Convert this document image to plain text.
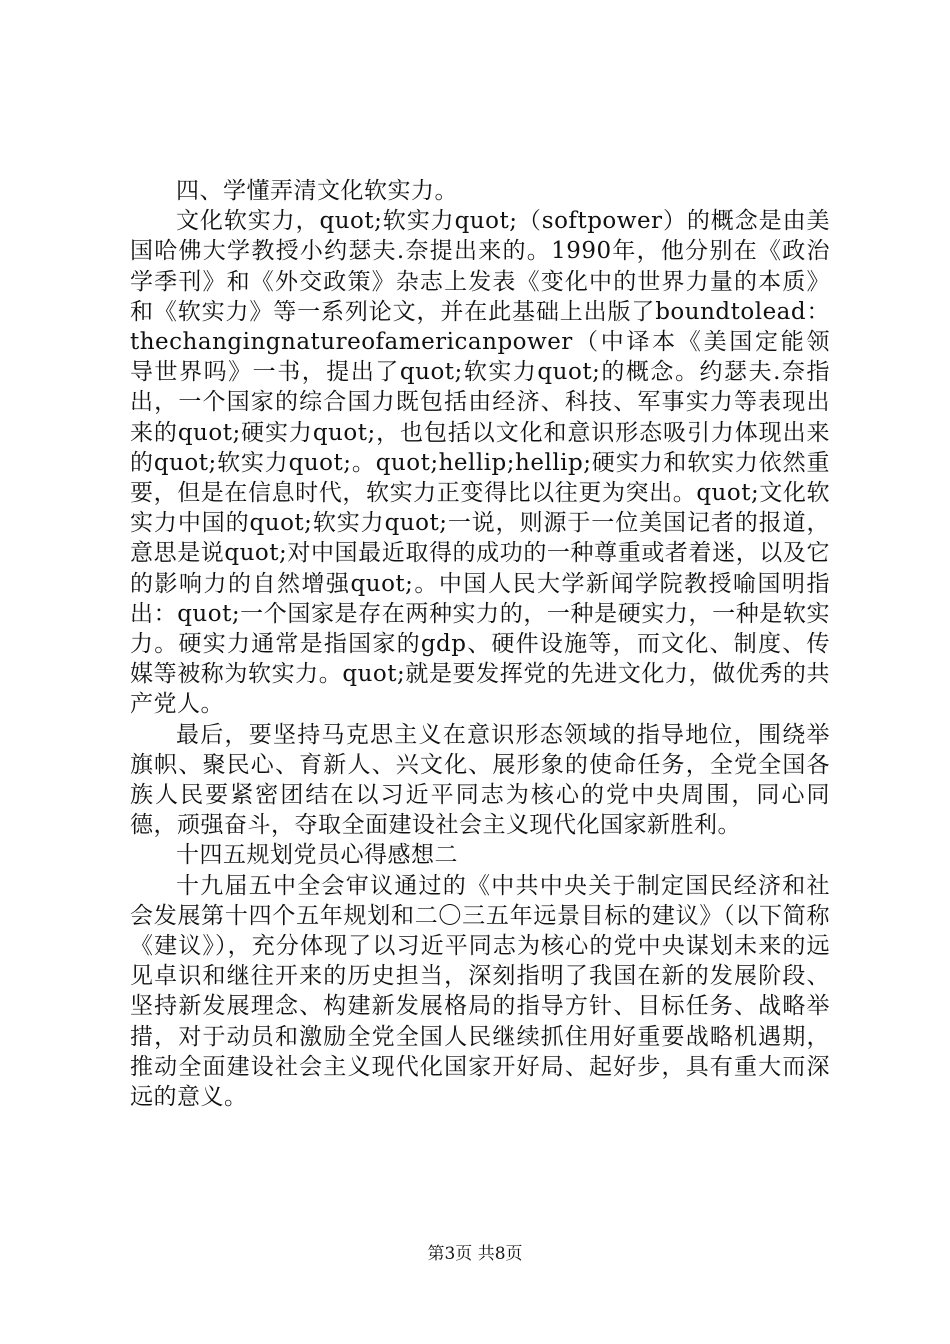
四、学懂弄清文化软实力。

文化软实力，quot;软实力quot;（softpower）的概念是由美国哈佛大学教授小约瑟夫.奈提出来的。1990年，他分别在《政治学季刊》和《外交政策》杂志上发表《变化中的世界力量的本质》和《软实力》等一系列论文，并在此基础上出版了boundtolead：thechangingnatureofamericanpower（中译本《美国定能领导世界吗》一书，提出了quot;软实力quot;的概念。约瑟夫.奈指出，一个国家的综合国力既包括由经济、科技、军事实力等表现出来的quot;硬实力quot;，也包括以文化和意识形态吸引力体现出来的quot;软实力quot;。quot;hellip;hellip;硬实力和软实力依然重要，但是在信息时代，软实力正变得比以往更为突出。quot;文化软实力中国的quot;软实力quot;一说，则源于一位美国记者的报道，意思是说quot;对中国最近取得的成功的一种尊重或者着迷，以及它的影响力的自然增强quot;。中国人民大学新闻学院教授喻国明指出：quot;一个国家是存在两种实力的，一种是硬实力，一种是软实力。硬实力通常是指国家的gdp、硬件设施等，而文化、制度、传媒等被称为软实力。quot;就是要发挥党的先进文化力，做优秀的共产党人。

最后，要坚持马克思主义在意识形态领域的指导地位，围绕举旗帜、聚民心、育新人、兴文化、展形象的使命任务，全党全国各族人民要紧密团结在以习近平同志为核心的党中央周围，同心同德，顽强奋斗，夺取全面建设社会主义现代化国家新胜利。

十四五规划党员心得感想二

十九届五中全会审议通过的《中共中央关于制定国民经济和社会发展第十四个五年规划和二〇三五年远景目标的建议》（以下简称《建议》），充分体现了以习近平同志为核心的党中央谋划未来的远见卓识和继往开来的历史担当，深刻指明了我国在新的发展阶段、坚持新发展理念、构建新发展格局的指导方针、目标任务、战略举措，对于动员和激励全党全国人民继续抓住用好重要战略机遇期，推动全面建设社会主义现代化国家开好局、起好步，具有重大而深远的意义。

第3页 共8页
